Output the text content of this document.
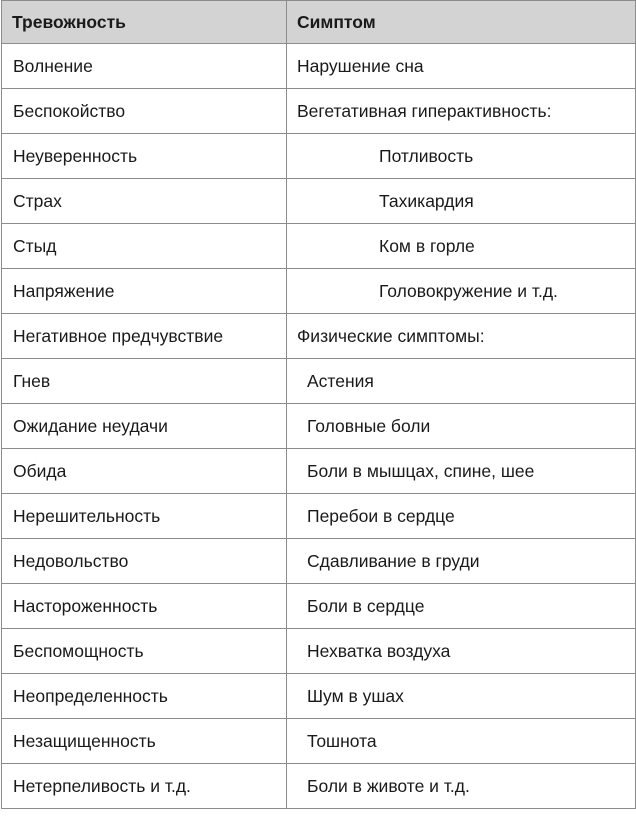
Тревожность	Симптом
Волнение	Нарушение сна
Беспокойство	Вегетативная гиперактивность:
Неуверенность	Потливость
Страх	Тахикардия
Стыд	Ком в горле
Напряжение	Головокружение и т.д.
Негативное предчувствие	Физические симптомы:
Гнев	Астения
Ожидание неудачи	Головные боли
Обида	Боли в мышцах, спине, шее
Нерешительность	Перебои в сердце
Недовольство	Сдавливание в груди
Настороженность	Боли в сердце
Беспомощность	Нехватка воздуха
Неопределенность	Шум в ушах
Незащищенность	Тошнота
Нетерпеливость и т.д.	Боли в животе и т.д.
